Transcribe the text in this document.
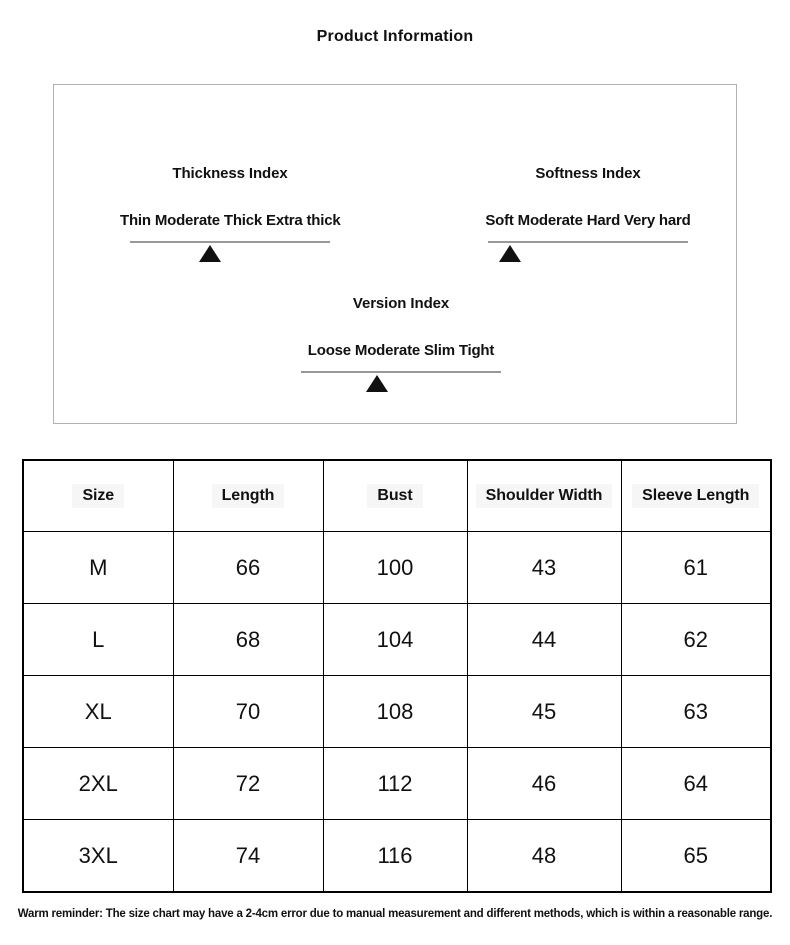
Product Information
Thickness Index
Thin Moderate Thick Extra thick
Softness Index
Soft Moderate Hard Very hard
Version Index
Loose Moderate Slim Tight
Size	Length	Bust	Shoulder Width	Sleeve Length
M	66	100	43	61
L	68	104	44	62
XL	70	108	45	63
2XL	72	112	46	64
3XL	74	116	48	65

Warm reminder: The size chart may have a 2-4cm error due to manual measurement and different methods, which is within a reasonable range.
